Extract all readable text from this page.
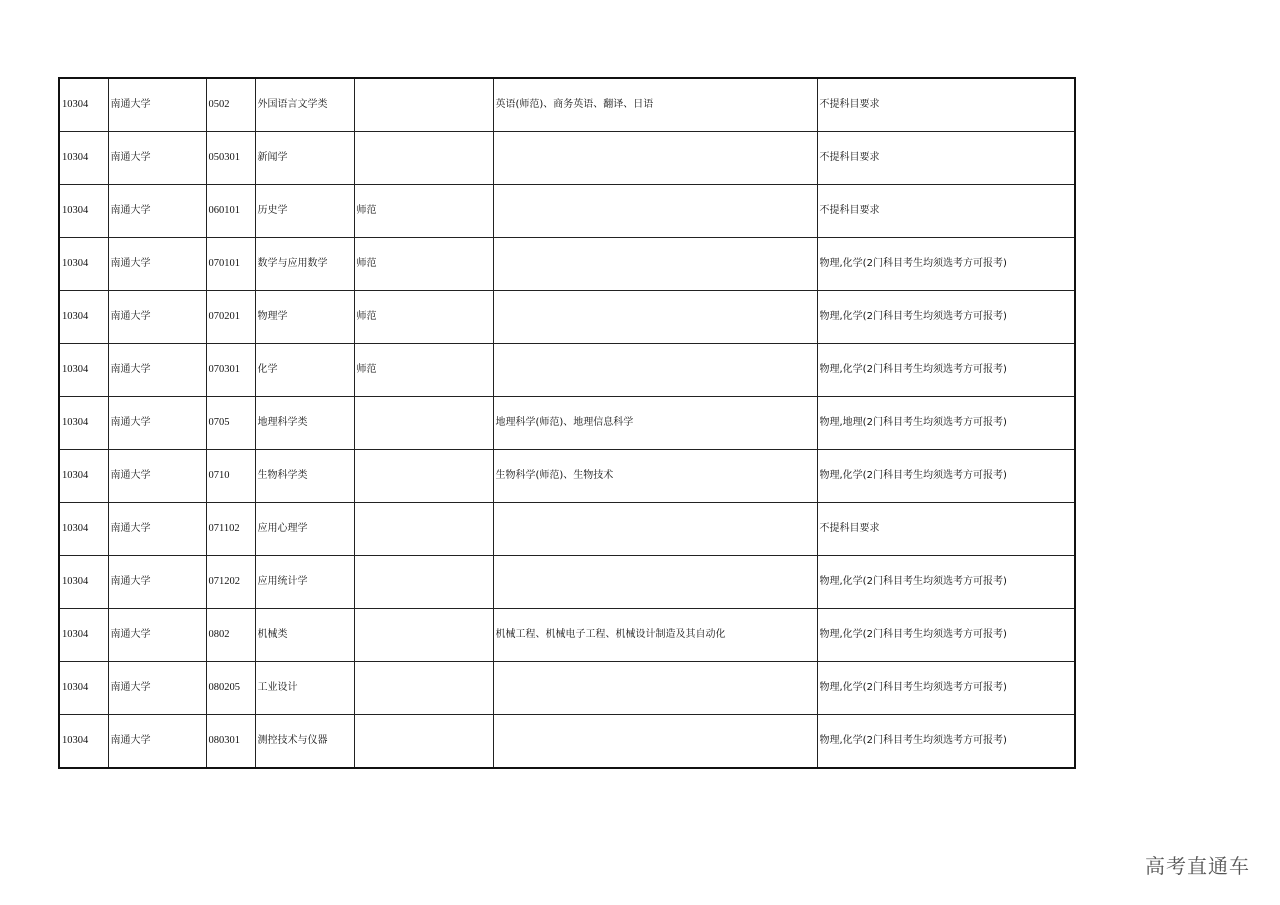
10304	南通大学	0502	外国语言文学类		英语(师范)、商务英语、翻译、日语	不提科目要求
10304	南通大学	050301	新闻学			不提科目要求
10304	南通大学	060101	历史学	师范		不提科目要求
10304	南通大学	070101	数学与应用数学	师范		物理,化学(2门科目考生均须选考方可报考)
10304	南通大学	070201	物理学	师范		物理,化学(2门科目考生均须选考方可报考)
10304	南通大学	070301	化学	师范		物理,化学(2门科目考生均须选考方可报考)
10304	南通大学	0705	地理科学类		地理科学(师范)、地理信息科学	物理,地理(2门科目考生均须选考方可报考)
10304	南通大学	0710	生物科学类		生物科学(师范)、生物技术	物理,化学(2门科目考生均须选考方可报考)
10304	南通大学	071102	应用心理学			不提科目要求
10304	南通大学	071202	应用统计学			物理,化学(2门科目考生均须选考方可报考)
10304	南通大学	0802	机械类		机械工程、机械电子工程、机械设计制造及其自动化	物理,化学(2门科目考生均须选考方可报考)
10304	南通大学	080205	工业设计			物理,化学(2门科目考生均须选考方可报考)
10304	南通大学	080301	测控技术与仪器			物理,化学(2门科目考生均须选考方可报考)
高考直通车
